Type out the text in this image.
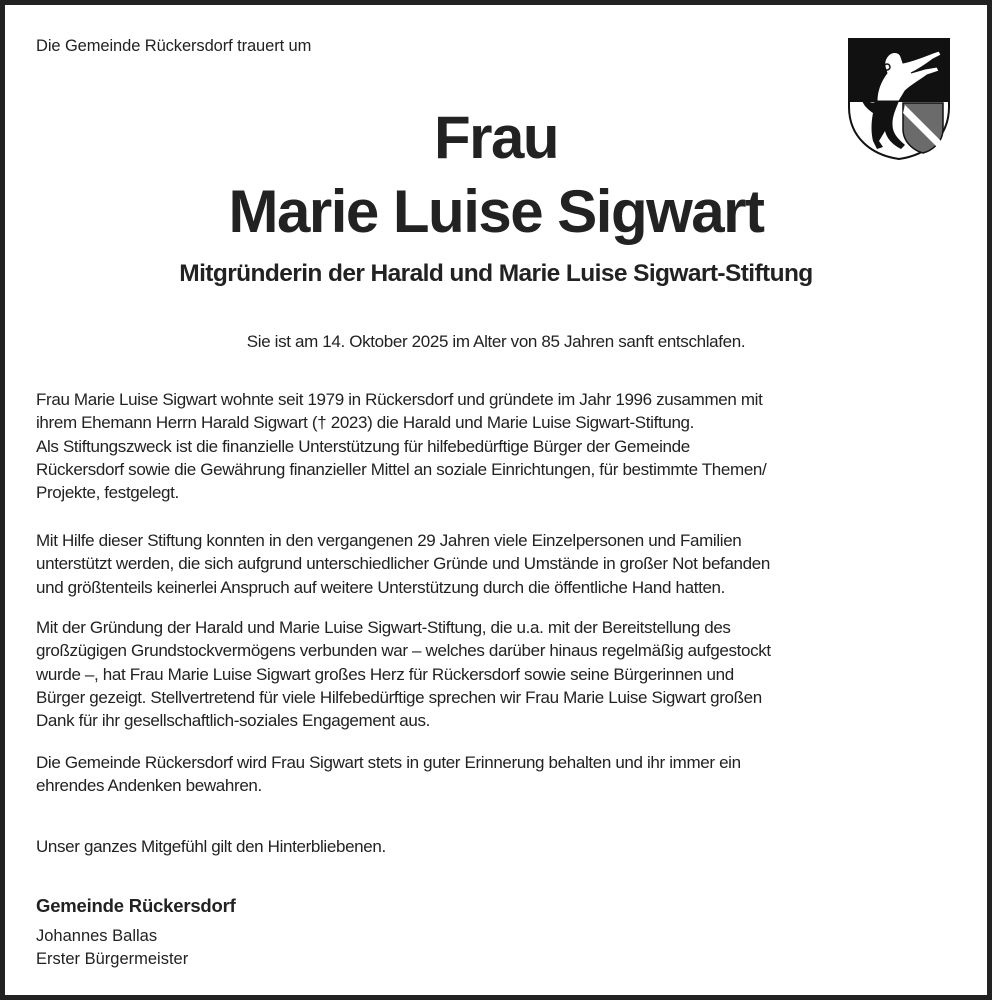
Die Gemeinde Rückersdorf trauert um
Frau
Marie Luise Sigwart
Mitgründerin der Harald und Marie Luise Sigwart-Stiftung
Sie ist am 14. Oktober 2025 im Alter von 85 Jahren sanft entschlafen.
Frau Marie Luise Sigwart wohnte seit 1979 in Rückersdorf und gründete im Jahr 1996 zusammen mit
ihrem Ehemann Herrn Harald Sigwart († 2023) die Harald und Marie Luise Sigwart-Stiftung.
Als Stiftungszweck ist die finanzielle Unterstützung für hilfebedürftige Bürger der Gemeinde
Rückersdorf sowie die Gewährung finanzieller Mittel an soziale Einrichtungen, für bestimmte Themen/
Projekte, festgelegt.
Mit Hilfe dieser Stiftung konnten in den vergangenen 29 Jahren viele Einzelpersonen und Familien
unterstützt werden, die sich aufgrund unterschiedlicher Gründe und Umstände in großer Not befanden
und größtenteils keinerlei Anspruch auf weitere Unterstützung durch die öffentliche Hand hatten.
Mit der Gründung der Harald und Marie Luise Sigwart-Stiftung, die u.a. mit der Bereitstellung des
großzügigen Grundstockvermögens verbunden war – welches darüber hinaus regelmäßig aufgestockt
wurde –, hat Frau Marie Luise Sigwart großes Herz für Rückersdorf sowie seine Bürgerinnen und
Bürger gezeigt. Stellvertretend für viele Hilfebedürftige sprechen wir Frau Marie Luise Sigwart großen
Dank für ihr gesellschaftlich-soziales Engagement aus.
Die Gemeinde Rückersdorf wird Frau Sigwart stets in guter Erinnerung behalten und ihr immer ein
ehrendes Andenken bewahren.
Unser ganzes Mitgefühl gilt den Hinterbliebenen.
Gemeinde Rückersdorf
Johannes Ballas
Erster Bürgermeister
